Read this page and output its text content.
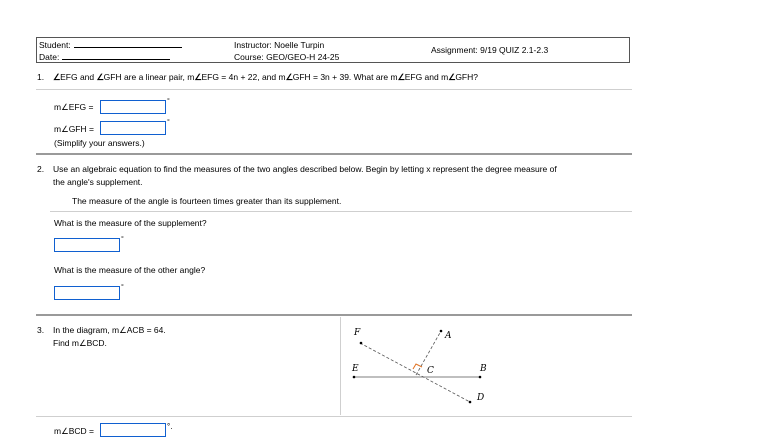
Student:
Date:
Instructor: Noelle Turpin
Course: GEO/GEO-H 24-25
Assignment: 9/19 QUIZ 2.1-2.3
1. ∠EFG and ∠GFH are a linear pair, m∠EFG = 4n + 22, and m∠GFH = 3n + 39. What are m∠EFG and m∠GFH?
m∠EFG =
°
m∠GFH =
°
(Simplify your answers.)
2. Use an algebraic equation to find the measures of the two angles described below. Begin by letting x represent the degree measure of
the angle's supplement.
The measure of the angle is fourteen times greater than its supplement.
What is the measure of the supplement?
°
What is the measure of the other angle?
°
3. In the diagram, m∠ACB = 64.
Find m∠BCD.
F	A
E	C	B
D
m∠BCD =	°.
